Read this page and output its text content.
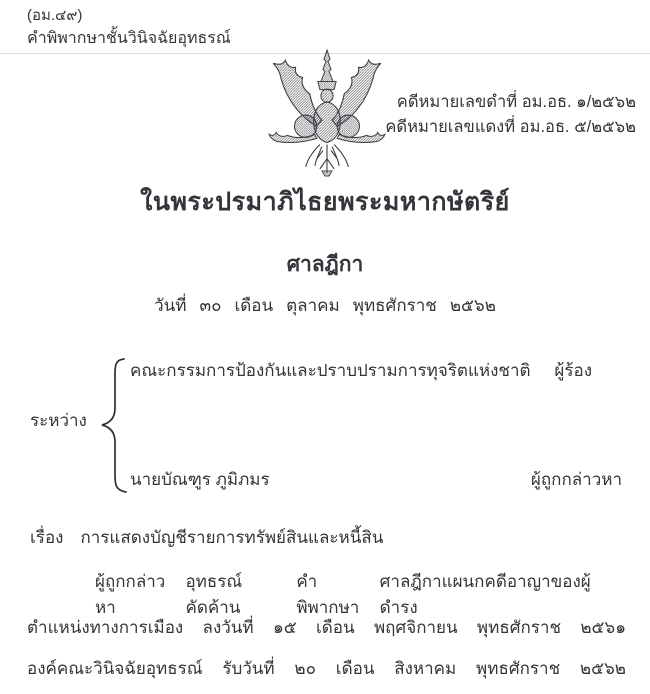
(อม.๔๙)
คำพิพากษาชั้นวินิจฉัยอุทธรณ์
คดีหมายเลขดำที่ อม.อธ. ๑/๒๕๖๒
คดีหมายเลขแดงที่ อม.อธ. ๕/๒๕๖๒
ในพระปรมาภิไธยพระมหากษัตริย์
ศาลฎีกา
วันที่ ๓๐ เดือน ตุลาคม พุทธศักราช ๒๕๖๒
ระหว่าง
คณะกรรมการป้องกันและปราบปรามการทุจริตแห่งชาติ ผู้ร้อง
นายบัณฑูร ภูมิภมร	ผู้ถูกกล่าวหา
เรื่อง การแสดงบัญชีรายการทรัพย์สินและหนี้สิน
ผู้ถูกกล่าวหา
อุทธรณ์คัดค้าน
คำพิพากษา
ศาลฎีกาแผนกคดีอาญาของผู้ดำรง
ตำแหน่งทางการเมือง ลงวันที่ ๑๕ เดือน พฤศจิกายน พุทธศักราช ๒๕๖๑
องค์คณะวินิจฉัยอุทธรณ์ รับวันที่ ๒๐ เดือน สิงหาคม พุทธศักราช ๒๕๖๒
